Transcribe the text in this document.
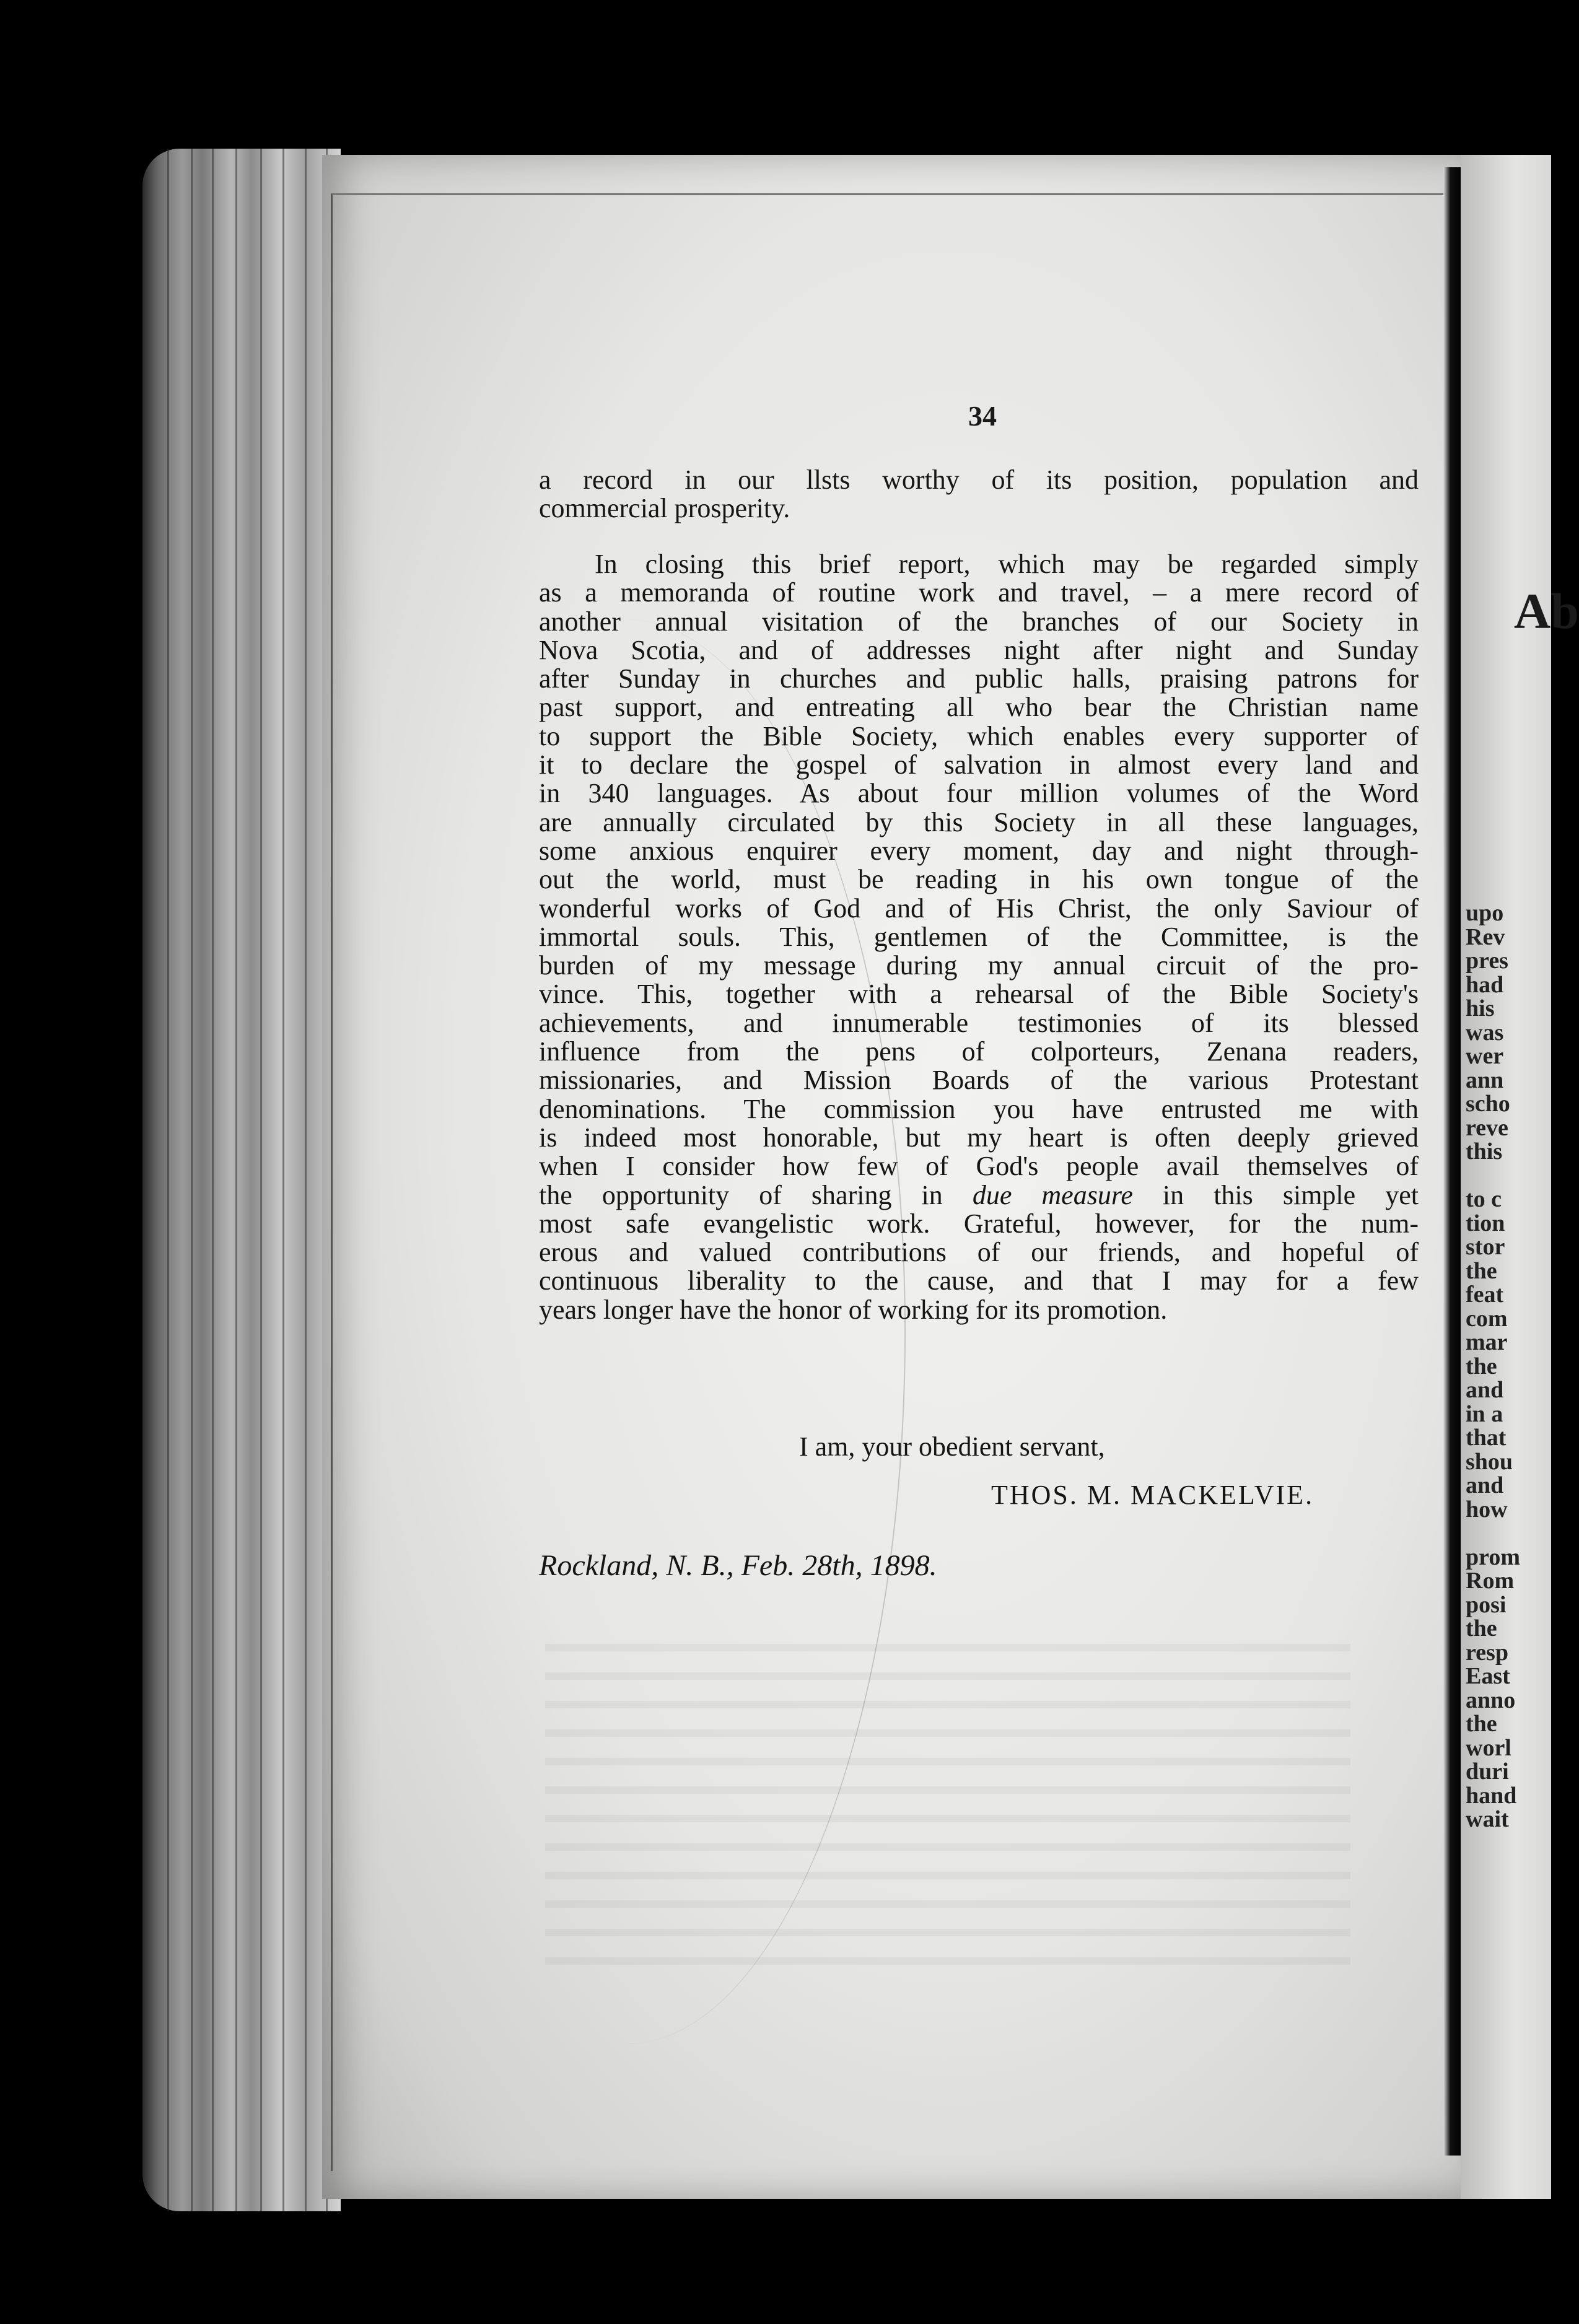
34
a record in our llsts worthy of its position, population and
commercial prosperity.
In closing this brief report, which may be regarded simply
as a memoranda of routine work and travel, – a mere record of
another annual visitation of the branches of our Society in
Nova Scotia, and of addresses night after night and Sunday
after Sunday in churches and public halls, praising patrons for
past support, and entreating all who bear the Christian name
to support the Bible Society, which enables every supporter of
it to declare the gospel of salvation in almost every land and
in 340 languages. As about four million volumes of the Word
are annually circulated by this Society in all these languages,
some anxious enquirer every moment, day and night through-
out the world, must be reading in his own tongue of the
wonderful works of God and of His Christ, the only Saviour of
immortal souls. This, gentlemen of the Committee, is the
burden of my message during my annual circuit of the pro-
vince. This, together with a rehearsal of the Bible Society's
achievements, and innumerable testimonies of its blessed
influence from the pens of colporteurs, Zenana readers,
missionaries, and Mission Boards of the various Protestant
denominations. The commission you have entrusted me with
is indeed most honorable, but my heart is often deeply grieved
when I consider how few of God's people avail themselves of
the opportunity of sharing in due measure in this simple yet
most safe evangelistic work. Grateful, however, for the num-
erous and valued contributions of our friends, and hopeful of
continuous liberality to the cause, and that I may for a few
years longer have the honor of working for its promotion.
I am, your obedient servant,
THOS. M. MACKELVIE.
Rockland, N. B., Feb. 28th, 1898.
Ab
upo
Rev
pres
had
his
was
wer
ann
scho
reve
this

to c
tion
stor
the
feat
com
mar
the
and
in a
that
shou
and
how

prom
Rom
posi
the
resp
East
anno
the
worl
duri
hand
wait
